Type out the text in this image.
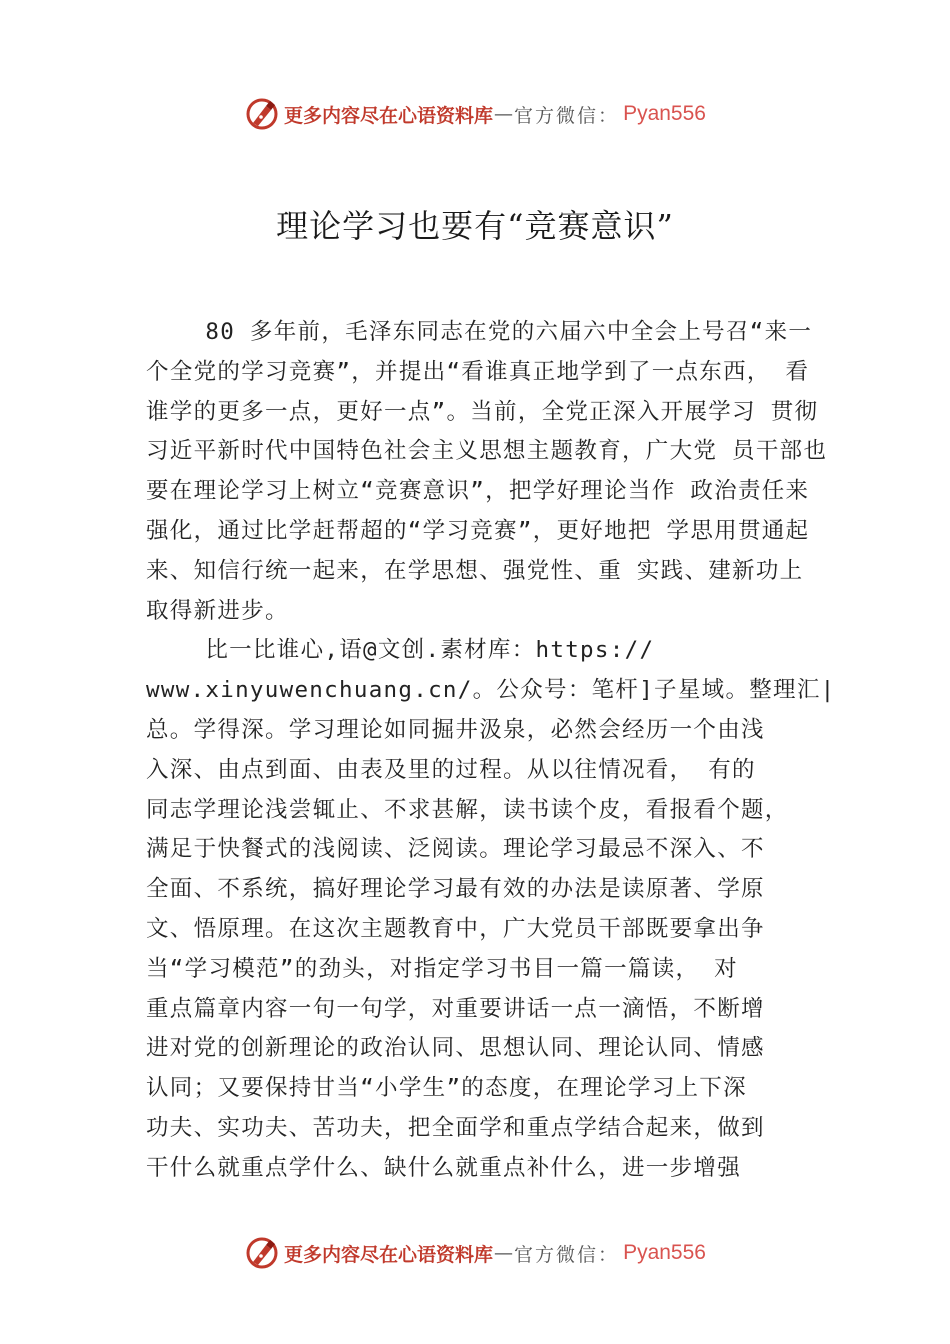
更多内容尽在心语资料库 — 官方微信： Pyan556
理论学习也要有“竞赛意识”
80 多年前，毛泽东同志在党的六届六中全会上号召“来一
个全党的学习竞赛”，并提出“看谁真正地学到了一点东西， 看
谁学的更多一点，更好一点”。当前，全党正深入开展学习 贯彻
习近平新时代中国特色社会主义思想主题教育，广大党 员干部也
要在理论学习上树立“竞赛意识”，把学好理论当作 政治责任来
强化，通过比学赶帮超的“学习竞赛”，更好地把 学思用贯通起
来、知信行统一起来，在学思想、强党性、重 实践、建新功上
取得新进步。
比一比谁心,语@文创.素材库：https://
www.xinyuwenchuang.cn/。公众号：笔杆]子星域。整理汇|
总。学得深。学习理论如同掘井汲泉，必然会经历一个由浅
入深、由点到面、由表及里的过程。从以往情况看， 有的
同志学理论浅尝辄止、不求甚解，读书读个皮，看报看个题，
满足于快餐式的浅阅读、泛阅读。理论学习最忌不深入、不
全面、不系统，搞好理论学习最有效的办法是读原著、学原
文、悟原理。在这次主题教育中，广大党员干部既要拿出争
当“学习模范”的劲头，对指定学习书目一篇一篇读， 对
重点篇章内容一句一句学，对重要讲话一点一滴悟，不断增
进对党的创新理论的政治认同、思想认同、理论认同、情感
认同；又要保持甘当“小学生”的态度，在理论学习上下深
功夫、实功夫、苦功夫，把全面学和重点学结合起来，做到
干什么就重点学什么、缺什么就重点补什么，进一步增强
更多内容尽在心语资料库 — 官方微信： Pyan556
